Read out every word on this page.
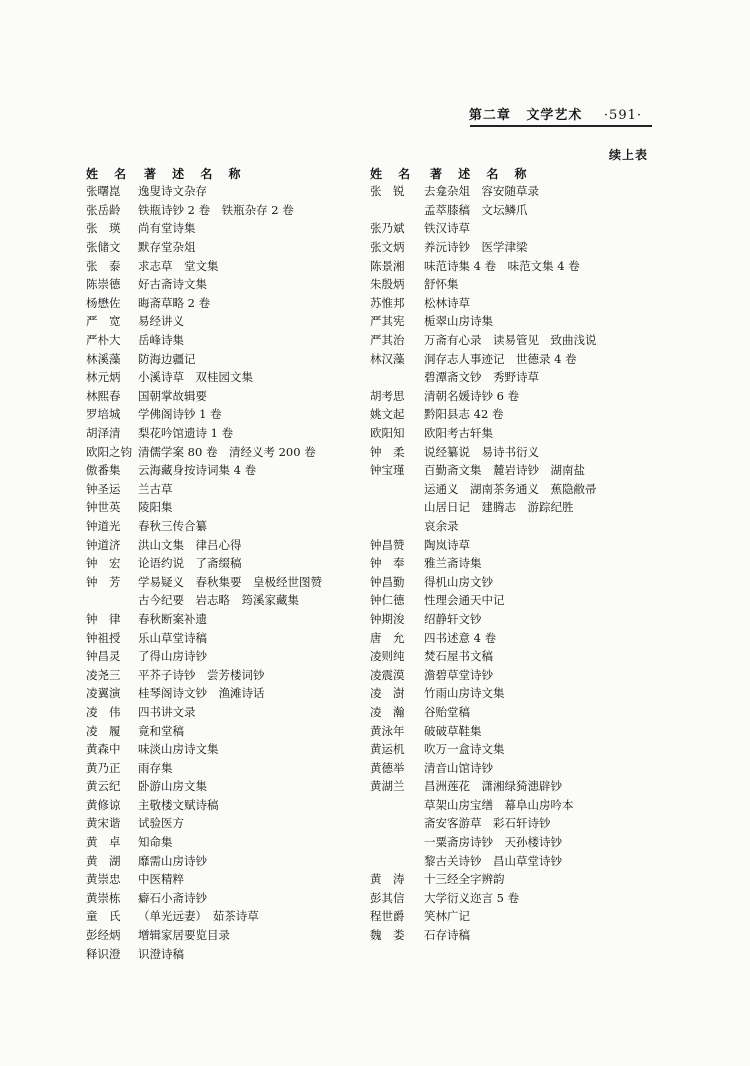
第二章 文学艺术 ·591·
续上表
姓 名 著 述 名 称
张曙崑	逸叟诗文杂存
张岳龄	铁瓶诗钞 2 卷　铁瓶杂存 2 卷
张　瑛	尚有堂诗集
张储文	默存堂杂俎
张　泰	求志草　堂文集
陈崇德	好古斋诗文集
杨懋佐	晦斋草略 2 卷
严　宽	易经讲义
严朴大	岳峰诗集
林溪藻	防海边疆记
林元炳	小溪诗草　双桂园文集
林熙春	国朝掌故辑要
罗培城	学佛阁诗钞 1 卷
胡泽清	梨花吟馆遗诗 1 卷
欧阳之钧 清儒学案 80 卷　清经义考 200 卷
傲番集	云海藏身按诗词集 4 卷
钟圣运	兰古草
钟世英	陵阳集
钟道光	春秋三传合纂
钟道济	洪山文集　律吕心得
钟　宏	论语约说　了斋缀稿
钟　芳	学易疑义　春秋集要　皇极经世图赞
古今纪要　岩志略　筠溪家藏集
钟　律	春秋断案补遗
钟祖授	乐山草堂诗稿
钟昌灵	了得山房诗钞
凌尧三	平芥子诗钞　尝芳楼词钞
凌翼演	桂琴阁诗文钞　渔滩诗话
凌　伟	四书讲文录
凌　履	竟和堂稿
黄森中	味淡山房诗文集
黄乃正	雨存集
黄云纪	卧游山房文集
黄修谅	主敬楼文赋诗稿
黄宋谐	试验医方
黄　卓	知命集
黄　湖	靡需山房诗钞
黄崇忠	中医精粹
黄崇栋	癖石小斋诗钞
童　氏	（单光远妻）　茹茶诗草
彭经炳	增辑家居要览目录
释识澄	识澄诗稿
姓 名	著 述 名 称
张　锐	去龛杂俎　容安随草录
孟萃膝稿　文坛鳞爪
张乃斌	铁汉诗草
张文炳	养沅诗钞　医学津梁
陈景湘	味范诗集 4 卷　味范文集 4 卷
朱殷炳	舒怀集
苏惟邦	松林诗草
严其宪	栀翠山房诗集
严其治	万斋有心录　读易管见　致曲浅说
林汉藻	洞存志人事迹记　世德录 4 卷
碧潭斋文钞　秀野诗草
胡考思	清朝名媛诗钞 6 卷
姚文起	黔阳县志 42 卷
欧阳知	欧阳考古轩集
钟　柔	说经纂说　易诗书衍义
钟宝瑾	百勤斋文集　麓岩诗钞　湖南盐
运通义　湖南茶务通义　蕉隐敝帚
山居日记　建腾志　游踪纪胜
哀余录
钟昌赞	陶岚诗草
钟　奉	雅兰斋诗集
钟昌勤	得机山房文钞
钟仁德	性理会通天中记
钟期浚	绍静轩文钞
唐　允	四书述意 4 卷
凌则纯	焚石屋书文稿
凌震漠	澹碧草堂诗钞
凌　澍	竹雨山房诗文集
凌　瀚	谷贻堂稿
黄泳年	破破草鞋集
黄运机	吹万一盒诗文集
黄德举	清音山馆诗钞
黄湖兰	昌洲莲花　潇湘绿猗漶辟钞
草架山房宝缮　幕阜山房吟本
斋安客游草　彩石轩诗钞
一粟斋房诗钞　天孙楼诗钞
黎古关诗钞　昌山草堂诗钞
黄　涛	十三经全字辨韵
彭其信	大学衍义迩言 5 卷
程世爵	笑林广记
魏　娄	石存诗稿
